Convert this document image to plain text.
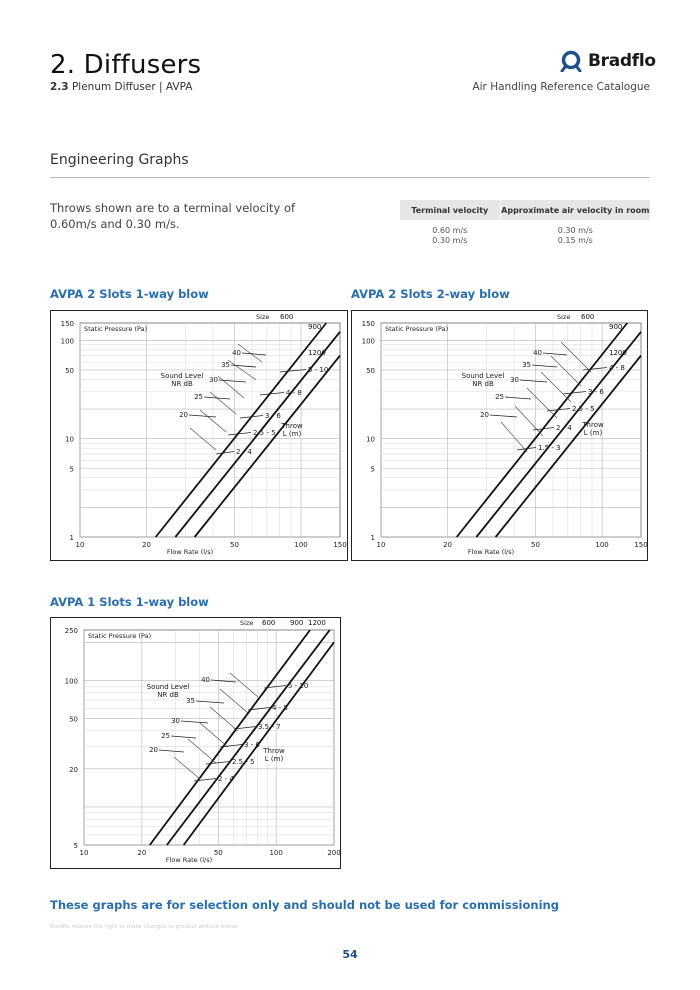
2. Diffusers
2.3 Plenum Diffuser | AVPA
Bradflo
Air Handling Reference Catalogue
Engineering Graphs
Throws shown are to a terminal velocity of 0.60m/s and 0.30 m/s.
Terminal velocity	Approximate air velocity in room
0.60 m/s	0.30 m/s
0.30 m/s	0.15 m/s
AVPA 2 Slots 1-way blow	AVPA 2 Slots 2-way blow
AVPA 1 Slots 1-way blow
10	20	50	100	150
150
100
50
10
5
1
Flow Rate (l/s)
Static Pressure (Pa)
Size 600
900
1200
Sound Level
NR dB
40
35
30
25
20
Throw
L (m)
5 - 10
4 - 8
3 - 6
2.5 - 5
2 - 4
10	20	50	100	150
150
100
50
10
5
1
Flow Rate (l/s)
Static Pressure (Pa)
Size 600
900
1200
Sound Level
NR dB
40
35
30
25
20
Throw
L (m)
4 - 8
3 - 6
2.5 - 5
2 - 4
1.5 - 3
10	20	50	100	200
250
100
50
20
5
Flow Rate (l/s)
Static Pressure (Pa)
Size 600 900 1200
Sound Level
NR dB
40
35
30
25
20	Throw
L (m)
5 - 10
4 - 8
3.5 - 7
3 - 6
2.5 - 5
2 - 4
These graphs are for selection only and should not be used for commissioning
Bradflo reserve the right to make changes to product without notice
54
